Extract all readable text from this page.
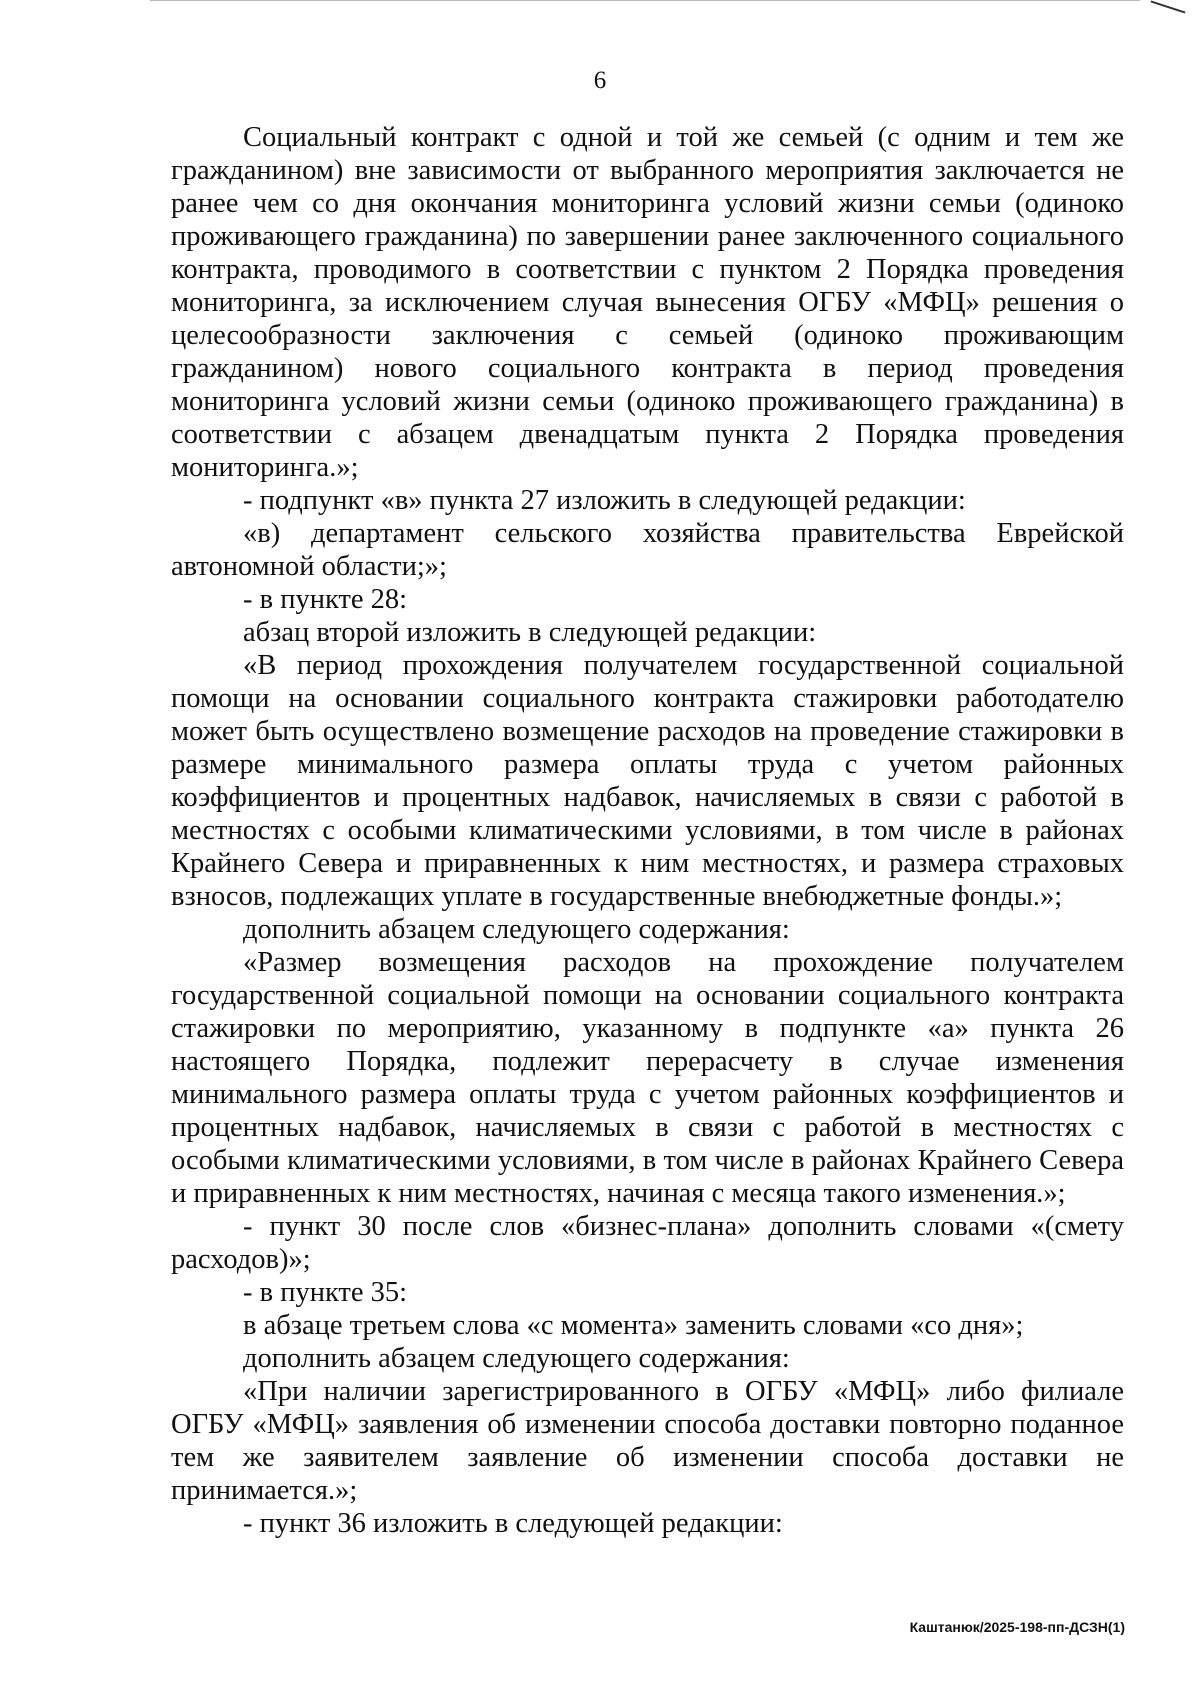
6

Социальный контракт с одной и той же семьей (с одним и тем же гражданином) вне зависимости от выбранного мероприятия заключается не ранее чем со дня окончания мониторинга условий жизни семьи (одиноко проживающего гражданина) по завершении ранее заключенного социального контракта, проводимого в соответствии с пунктом 2 Порядка проведения мониторинга, за исключением случая вынесения ОГБУ «МФЦ» решения о целесообразности заключения с семьей (одиноко проживающим гражданином) нового социального контракта в период проведения мониторинга условий жизни семьи (одиноко проживающего гражданина) в соответствии с абзацем двенадцатым пункта 2 Порядка проведения мониторинга.»;

- подпункт «в» пункта 27 изложить в следующей редакции:

«в) департамент сельского хозяйства правительства Еврейской автономной области;»;

- в пункте 28:

абзац второй изложить в следующей редакции:

«В период прохождения получателем государственной социальной помощи на основании социального контракта стажировки работодателю может быть осуществлено возмещение расходов на проведение стажировки в размере минимального размера оплаты труда с учетом районных коэффициентов и процентных надбавок, начисляемых в связи с работой в местностях с особыми климатическими условиями, в том числе в районах Крайнего Севера и приравненных к ним местностях, и размера страховых взносов, подлежащих уплате в государственные внебюджетные фонды.»;

дополнить абзацем следующего содержания:

«Размер возмещения расходов на прохождение получателем государственной социальной помощи на основании социального контракта стажировки по мероприятию, указанному в подпункте «а» пункта 26 настоящего Порядка, подлежит перерасчету в случае изменения минимального размера оплаты труда с учетом районных коэффициентов и процентных надбавок, начисляемых в связи с работой в местностях с особыми климатическими условиями, в том числе в районах Крайнего Севера и приравненных к ним местностях, начиная с месяца такого изменения.»;

- пункт 30 после слов «бизнес-плана» дополнить словами «(смету расходов)»;

- в пункте 35:

в абзаце третьем слова «с момента» заменить словами «со дня»;

дополнить абзацем следующего содержания:

«При наличии зарегистрированного в ОГБУ «МФЦ» либо филиале ОГБУ «МФЦ» заявления об изменении способа доставки повторно поданное тем же заявителем заявление об изменении способа доставки не принимается.»;

- пункт 36 изложить в следующей редакции:

Каштанюк/2025-198-пп-ДСЗН(1)
